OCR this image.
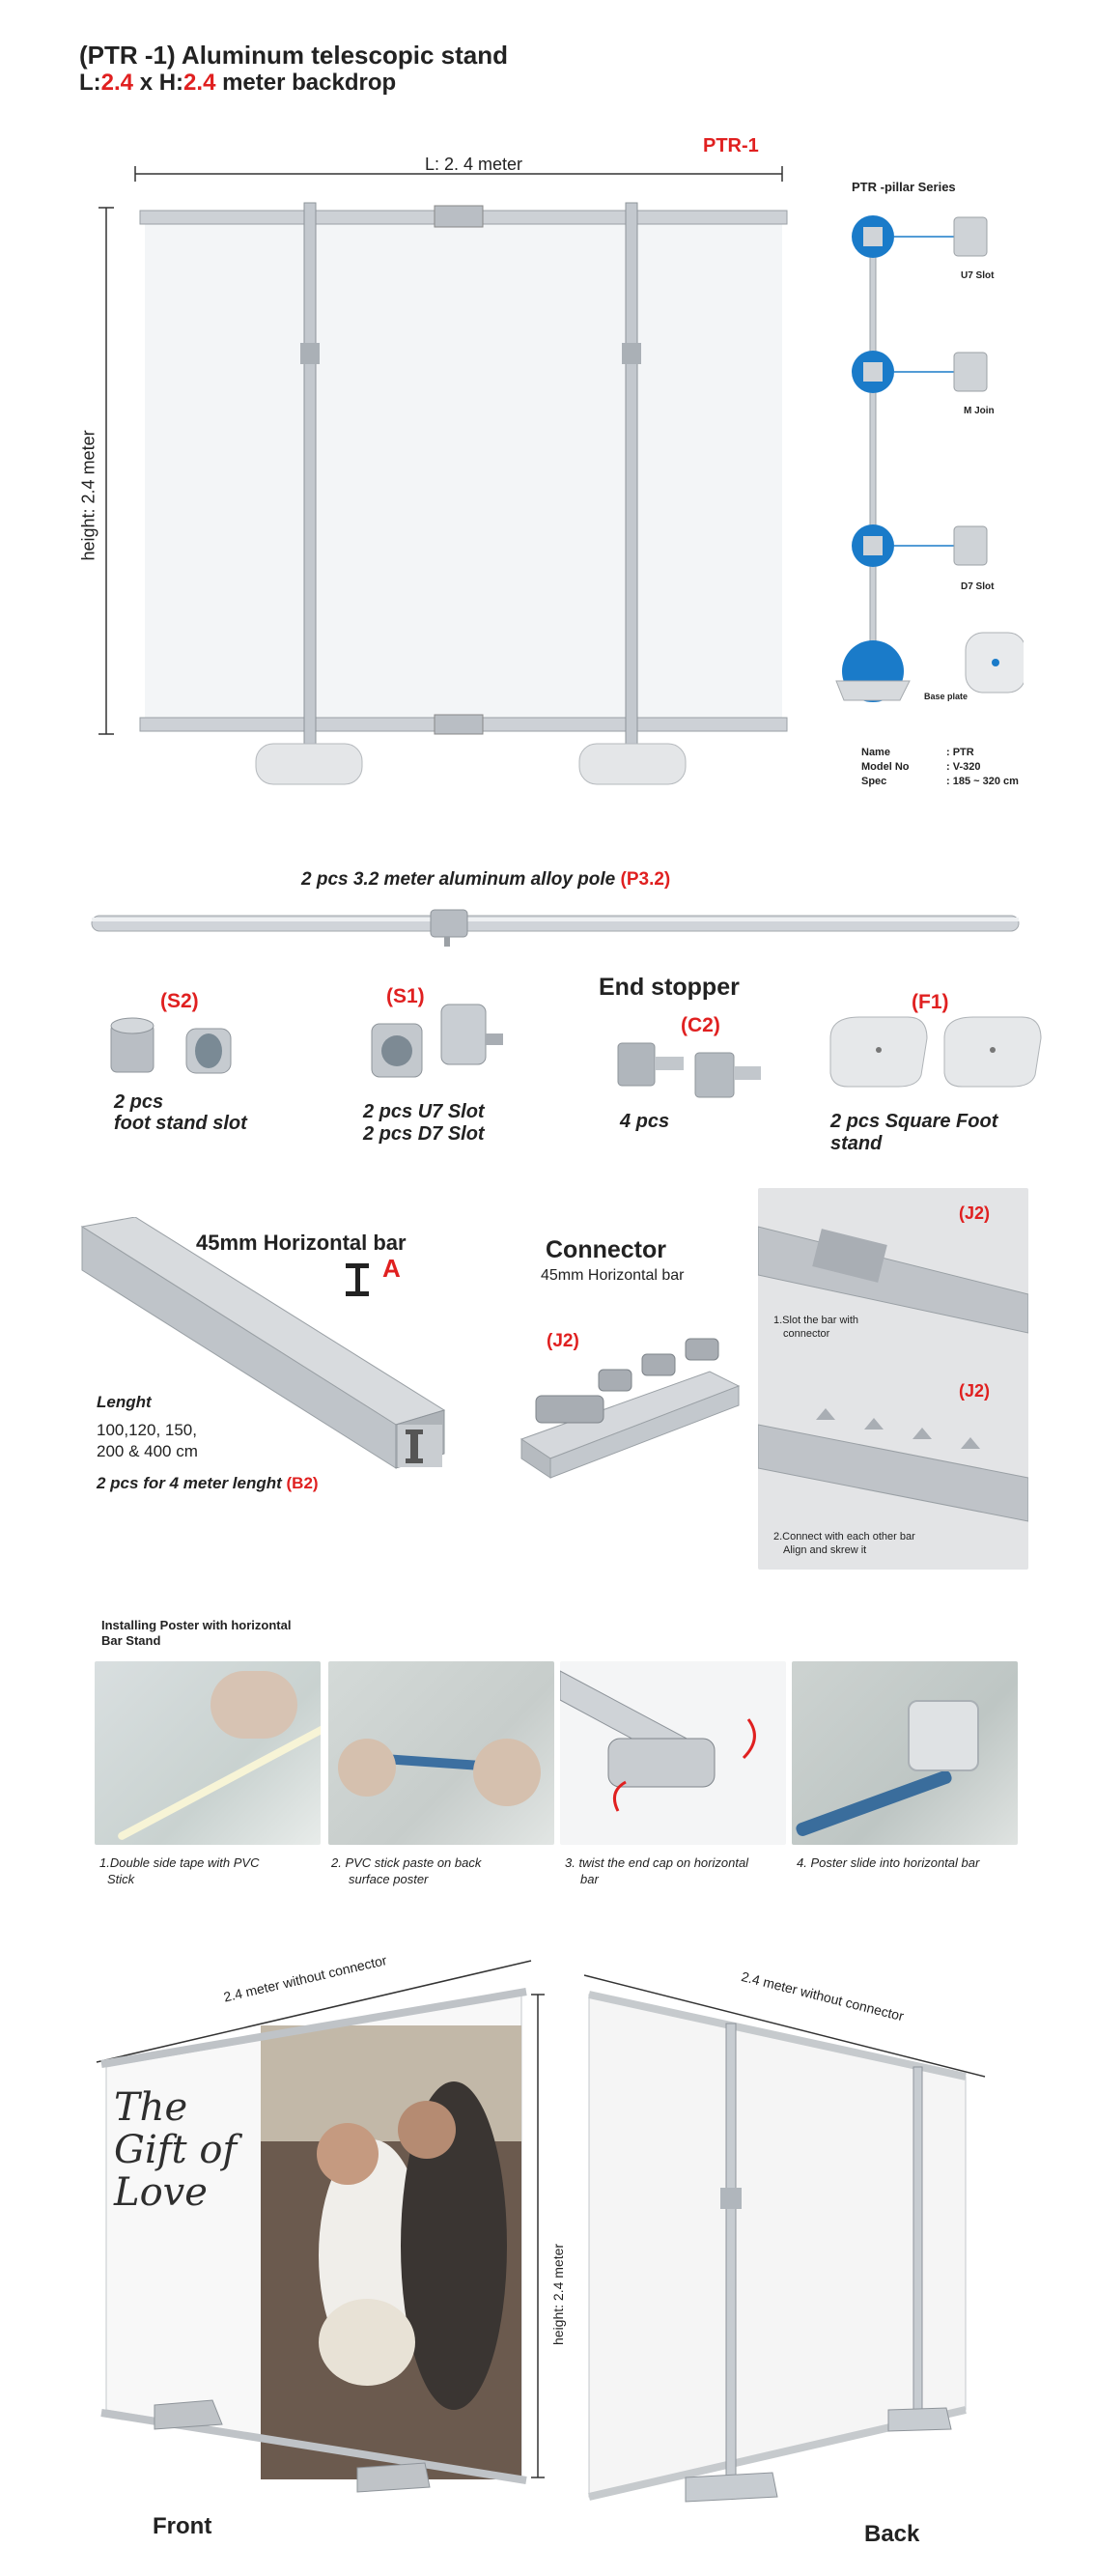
(PTR -1) Aluminum telescopic stand
L:2.4 x H:2.4 meter backdrop
PTR-1
L: 2. 4 meter
height: 2.4 meter
PTR -pillar Series
U7 Slot
M Join
D7 Slot
Base plate
Name	: PTR
Model No	: V-320
Spec	: 185 ~ 320 cm
2 pcs 3.2 meter aluminum alloy pole (P3.2)
End stopper
(S2)
2 pcs
foot stand slot
(S1)
2 pcs U7 Slot
2 pcs D7 Slot
(C2)
4 pcs
(F1)
2 pcs Square Foot
stand
45mm Horizontal bar
A
Lenght
100,120, 150,
200 & 400 cm
2 pcs for 4 meter lenght (B2)
Connector
45mm Horizontal bar
(J2)
(J2)
1.Slot the bar with
connector
(J2)
2.Connect with each other bar
Align and skrew it
Installing Poster with horizontal
Bar Stand
1.Double side tape with PVC
Stick
2. PVC stick paste on back
surface poster
3. twist the end cap on horizontal
bar
4. Poster slide into horizontal bar
2.4 meter without connector	2.4 meter without connector
height: 2.4 meter
The Gift of Love
Front	Back
